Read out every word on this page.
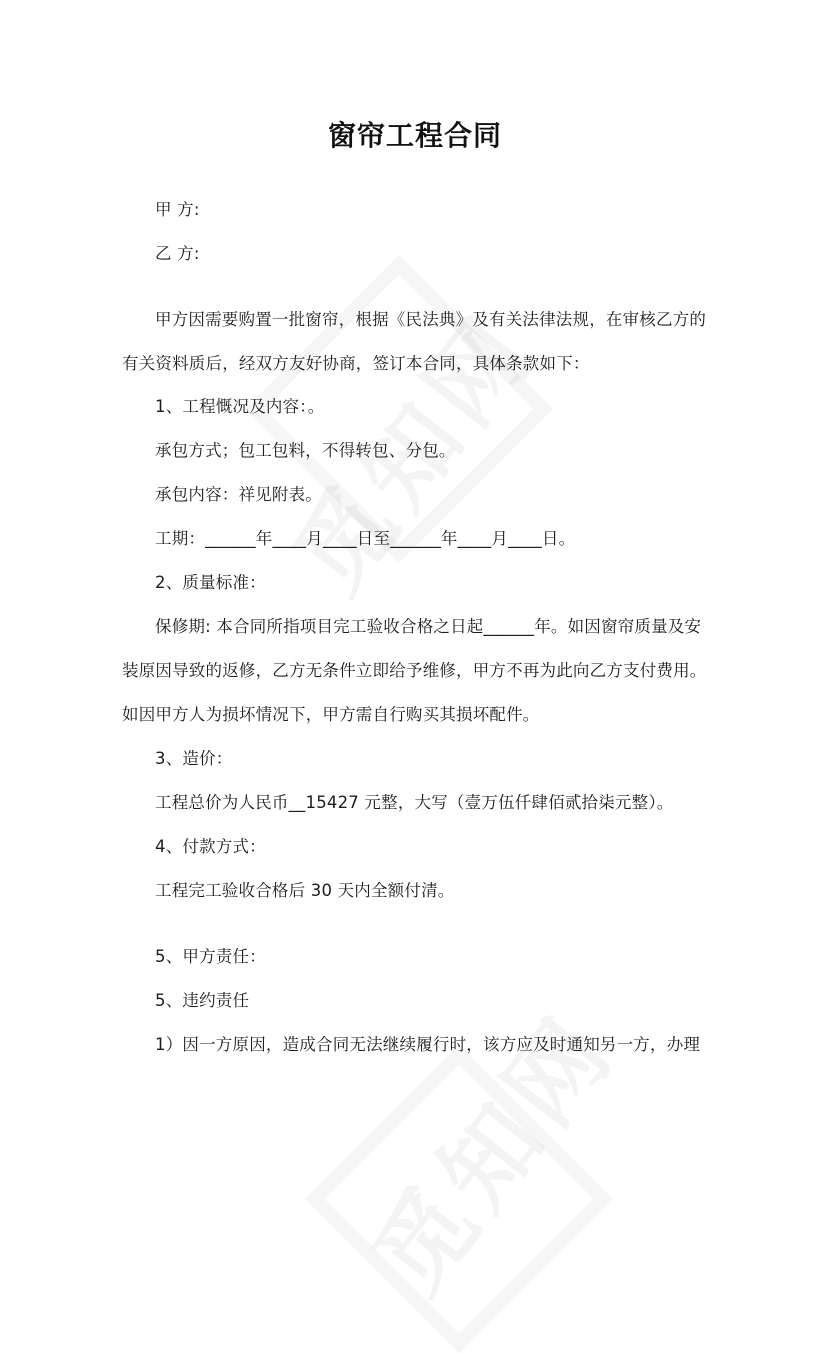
窗帘工程合同

甲 方:

乙 方:

甲方因需要购置一批窗帘，根据《民法典》及有关法律法规，在审核乙方的

有关资料质后，经双方友好协商，签订本合同，具体条款如下：

1、工程慨况及内容：。

承包方式；包工包料，不得转包、分包。

承包内容：祥见附表。

工期：______年____月____日至______年____月____日。

2、质量标准：

保修期: 本合同所指项目完工验收合格之日起______年。如因窗帘质量及安

装原因导致的返修，乙方无条件立即给予维修，甲方不再为此向乙方支付费用。

如因甲方人为损坏情况下，甲方需自行购买其损坏配件。

3、造价：

工程总价为人民币__15427 元整，大写（壹万伍仟肆佰贰拾柒元整）。

4、付款方式：

工程完工验收合格后 30 天内全额付清。

5、甲方责任：

5、违约责任

1）因一方原因，造成合同无法继续履行时，该方应及时通知另一方，办理
